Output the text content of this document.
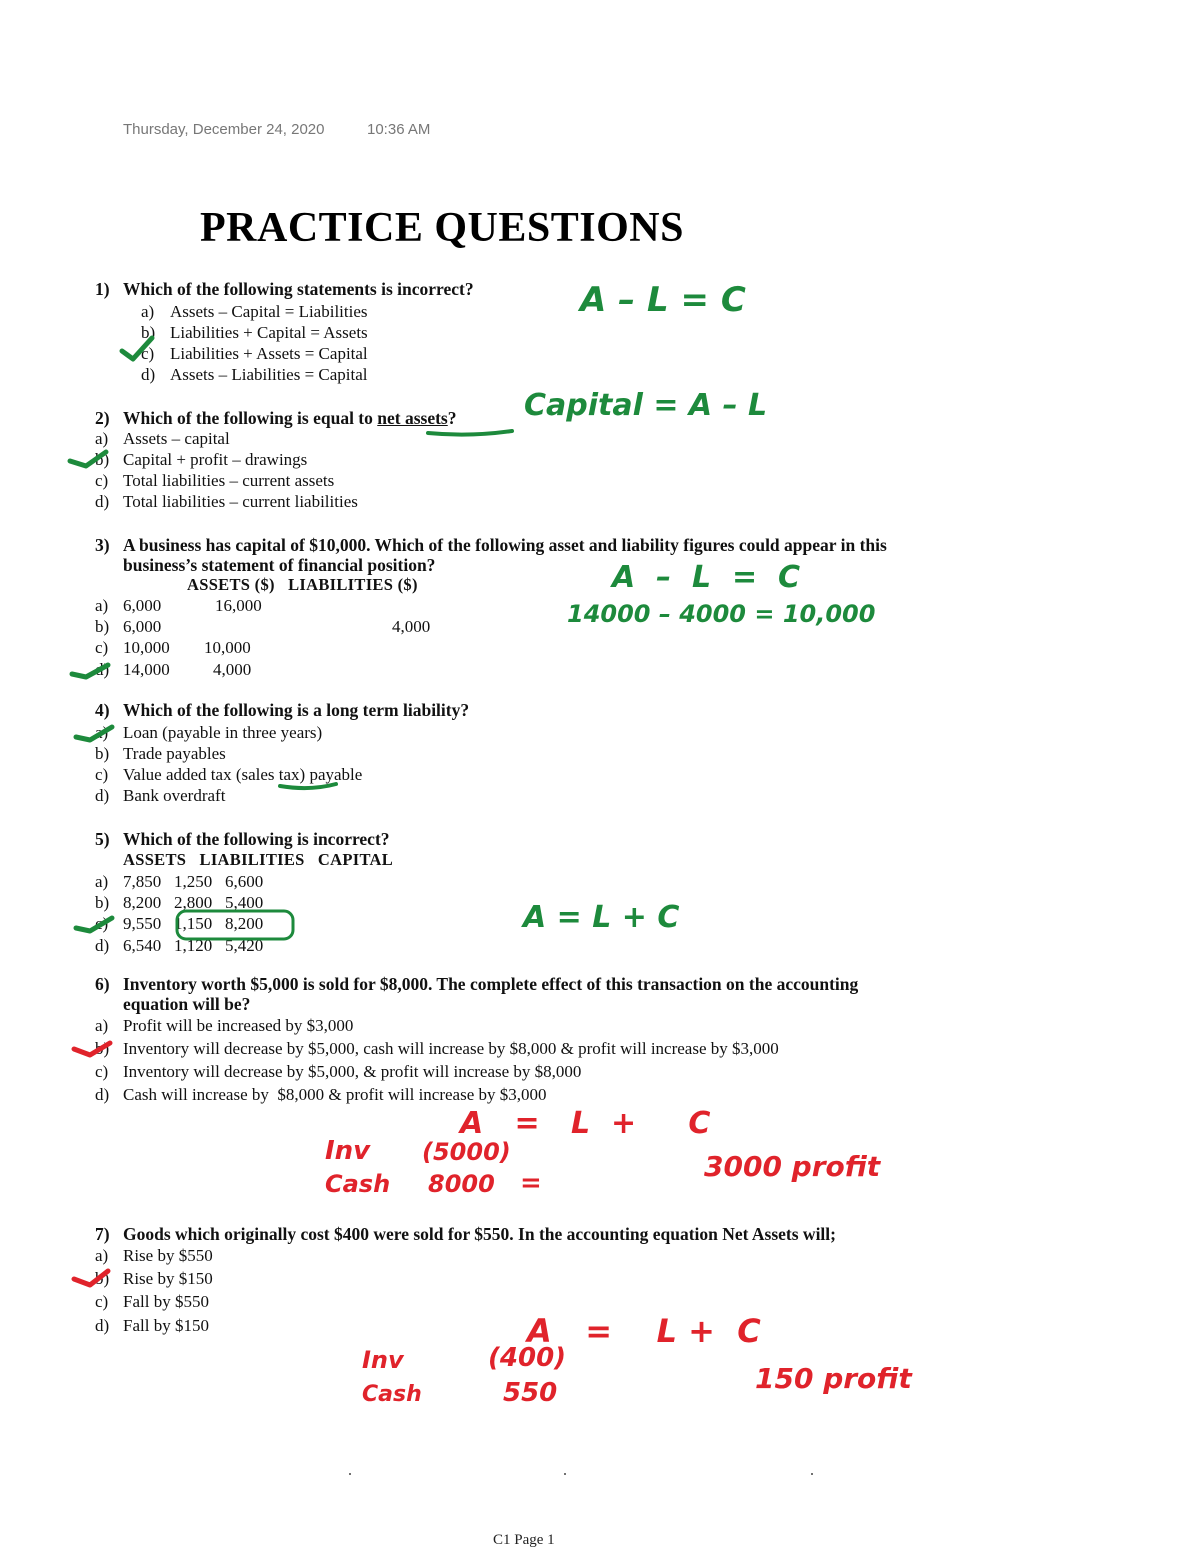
Thursday, December 24, 2020	10:36 AM
PRACTICE QUESTIONS
1) Which of the following statements is incorrect?
a) Assets – Capital = Liabilities
b) Liabilities + Capital = Assets
c) Liabilities + Assets = Capital
d) Assets – Liabilities = Capital
2) Which of the following is equal to net assets?
a) Assets – capital
b) Capital + profit – drawings
c) Total liabilities – current assets
d) Total liabilities – current liabilities
3) A business has capital of $10,000. Which of the following asset and liability figures could appear in this
business’s statement of financial position?
ASSETS ($)   LIABILITIES ($)
a) 6,000	16,000
b) 6,000	4,000
c) 10,000 10,000
d) 14,000	4,000
4) Which of the following is a long term liability?
a) Loan (payable in three years)
b) Trade payables
c) Value added tax (sales tax) payable
d) Bank overdraft
5) Which of the following is incorrect?
ASSETS   LIABILITIES   CAPITAL
a) 7,850   1,250   6,600
b) 8,200   2,800   5,400
c) 9,550   1,150   8,200
d) 6,540   1,120   5,420
6) Inventory worth $5,000 is sold for $8,000. The complete effect of this transaction on the accounting
equation will be?
a) Profit will be increased by $3,000
b) Inventory will decrease by $5,000, cash will increase by $8,000 & profit will increase by $3,000
c) Inventory will decrease by $5,000, & profit will increase by $8,000
d) Cash will increase by  $8,000 & profit will increase by $3,000
7) Goods which originally cost $400 were sold for $550. In the accounting equation Net Assets will;
a) Rise by $550
b) Rise by $150
c) Fall by $550
d) Fall by $150
A – L = C
Capital = A – L
A  –  L  =  C
14000 – 4000 = 10,000
A = L + C
A   =   L  +     C
Inv
Cash
(5000)
8000 =	3000 profit
A   =    L +  C
Inv
Cash
(400)
550	150 profit
C1 Page 1
